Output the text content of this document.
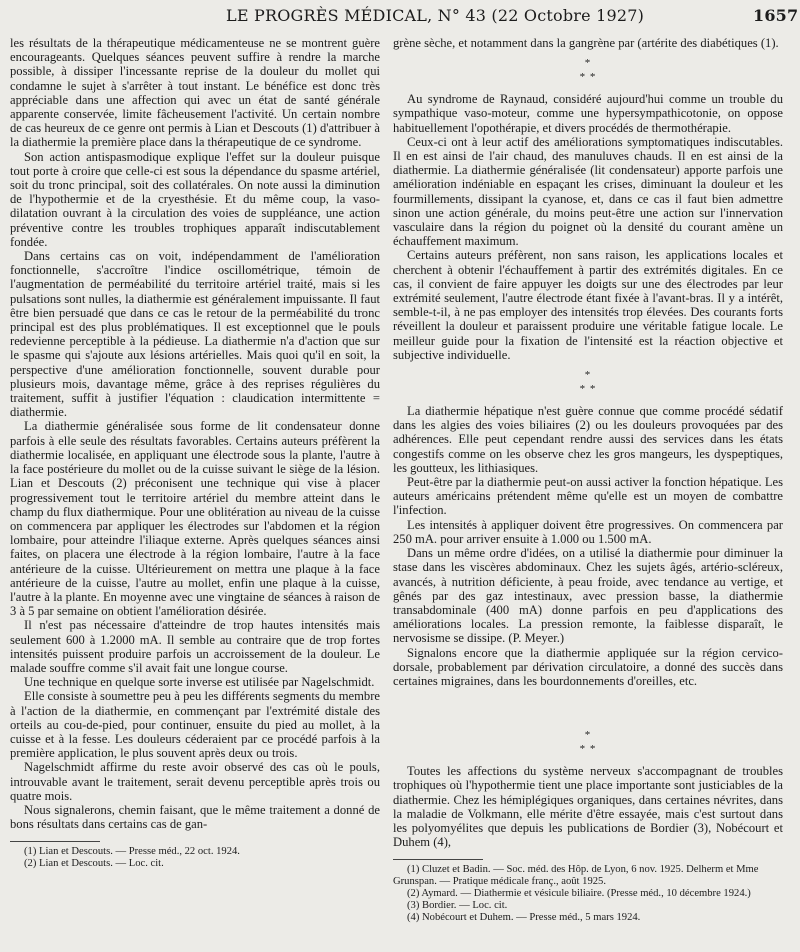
LE PROGRÈS MÉDICAL, N° 43 (22 Octobre 1927)	1657

les résultats de la thérapeutique médicamenteuse ne se montrent guère encourageants. Quelques séances peuvent suffire à rendre la marche possible, à dissiper l'incessante reprise de la douleur du mollet qui condamne le sujet à s'arrêter à tout instant. Le bénéfice est donc très appréciable dans une affection qui avec un état de santé générale apparente conservée, limite fâcheusement l'activité. Un certain nombre de cas heureux de ce genre ont permis à Lian et Descouts (1) d'attribuer à la diathermie la première place dans la thérapeutique de ce syndrome.

Son action antispasmodique explique l'effet sur la douleur puisque tout porte à croire que celle-ci est sous la dépendance du spasme artériel, soit du tronc principal, soit des collatérales. On note aussi la diminution de l'hypothermie et de la cryesthésie. Et du même coup, la vaso-dilatation ouvrant à la circulation des voies de suppléance, une action préventive contre les troubles trophiques apparaît indiscutablement fondée.

Dans certains cas on voit, indépendamment de l'amélioration fonctionnelle, s'accroître l'indice oscillométrique, témoin de l'augmentation de perméabilité du territoire artériel traité, mais si les pulsations sont nulles, la diathermie est généralement impuissante. Il faut être bien persuadé que dans ce cas le retour de la perméabilité du tronc principal est des plus problématiques. Il est exceptionnel que le pouls redevienne perceptible à la pédieuse. La diathermie n'a d'action que sur le spasme qui s'ajoute aux lésions artérielles. Mais quoi qu'il en soit, la perspective d'une amélioration fonctionnelle, souvent durable pour plusieurs mois, davantage même, grâce à des reprises régulières du traitement, suffit à justifier l'équation : claudication intermittente = diathermie.

La diathermie généralisée sous forme de lit condensateur donne parfois à elle seule des résultats favorables. Certains auteurs préfèrent la diathermie localisée, en appliquant une électrode sous la plante, l'autre à la face postérieure du mollet ou de la cuisse suivant le siège de la lésion. Lian et Descouts (2) préconisent une technique qui vise à placer progressivement tout le territoire artériel du membre atteint dans le champ du flux diathermique. Pour une oblitération au niveau de la cuisse on commencera par appliquer les électrodes sur l'abdomen et la région lombaire, pour atteindre l'iliaque externe. Après quelques séances ainsi faites, on placera une électrode à la région lombaire, l'autre à la face antérieure de la cuisse. Ultérieurement on mettra une plaque à la face antérieure de la cuisse, l'autre au mollet, enfin une plaque à la cuisse, l'autre à la plante. En moyenne avec une vingtaine de séances à raison de 3 à 5 par semaine on obtient l'amélioration désirée.

Il n'est pas nécessaire d'atteindre de trop hautes intensités mais seulement 600 à 1.2000 mA. Il semble au contraire que de trop fortes intensités puissent produire parfois un accroissement de la douleur. Le malade souffre comme s'il avait fait une longue course.

Une technique en quelque sorte inverse est utilisée par Nagelschmidt.

Elle consiste à soumettre peu à peu les différents segments du membre à l'action de la diathermie, en commençant par l'extrémité distale des orteils au cou-de-pied, pour continuer, ensuite du pied au mollet, à la cuisse et à la fesse. Les douleurs céderaient par ce procédé parfois à la première application, le plus souvent après deux ou trois.

Nagelschmidt affirme du reste avoir observé des cas où le pouls, introuvable avant le traitement, serait devenu perceptible après trois ou quatre mois.

Nous signalerons, chemin faisant, que le même traitement a donné de bons résultats dans certains cas de gan-

(1) Lian et Descouts. — Presse méd., 22 oct. 1924.

(2) Lian et Descouts. — Loc. cit.

grène sèche, et notamment dans la gangrène par (artérite des diabétiques (1).

*
* *

Au syndrome de Raynaud, considéré aujourd'hui comme un trouble du sympathique vaso-moteur, comme une hypersympathicotonie, on oppose habituellement l'opothérapie, et divers procédés de thermothérapie.

Ceux-ci ont à leur actif des améliorations symptomatiques indiscutables. Il en est ainsi de l'air chaud, des manuluves chauds. Il en est ainsi de la diathermie. La diathermie généralisée (lit condensateur) apporte parfois une amélioration indéniable en espaçant les crises, diminuant la douleur et les fourmillements, dissipant la cyanose, et, dans ce cas il faut bien admettre sinon une action générale, du moins peut-être une action sur l'innervation vasculaire dans la région du poignet où la densité du courant amène un échauffement maximum.

Certains auteurs préfèrent, non sans raison, les applications locales et cherchent à obtenir l'échauffement à partir des extrémités digitales. En ce cas, il convient de faire appuyer les doigts sur une des électrodes par leur extrémité seulement, l'autre électrode étant fixée à l'avant-bras. Il y a intérêt, semble-t-il, à ne pas employer des intensités trop élevées. Des courants forts réveillent la douleur et paraissent produire une véritable fatigue locale. Le meilleur guide pour la fixation de l'intensité est la réaction objective et subjective individuelle.

*
* *

La diathermie hépatique n'est guère connue que comme procédé sédatif dans les algies des voies biliaires (2) ou les douleurs provoquées par des adhérences. Elle peut cependant rendre aussi des services dans les états congestifs comme on les observe chez les gros mangeurs, les dyspeptiques, les goutteux, les lithiasiques.

Peut-être par la diathermie peut-on aussi activer la fonction hépatique. Les auteurs américains prétendent même qu'elle est un moyen de combattre l'infection.

Les intensités à appliquer doivent être progressives. On commencera par 250 mA. pour arriver ensuite à 1.000 ou 1.500 mA.

Dans un même ordre d'idées, on a utilisé la diathermie pour diminuer la stase dans les viscères abdominaux. Chez les sujets âgés, artério-scléreux, avancés, à nutrition déficiente, à peau froide, avec tendance au vertige, et gênés par des gaz intestinaux, avec pression basse, la diathermie transabdominale (400 mA) donne parfois en peu d'applications des améliorations locales. La pression remonte, la faiblesse disparaît, le nervosisme se dissipe. (P. Meyer.)

Signalons encore que la diathermie appliquée sur la région cervico-dorsale, probablement par dérivation circulatoire, a donné des succès dans certaines migraines, dans les bourdonnements d'oreilles, etc.

*
* *

Toutes les affections du système nerveux s'accompagnant de troubles trophiques où l'hypothermie tient une place importante sont justiciables de la diathermie. Chez les hémiplégiques organiques, dans certaines névrites, dans la maladie de Volkmann, elle mérite d'être essayée, mais c'est surtout dans les polyomyélites que depuis les publications de Bordier (3), Nobécourt et Duhem (4),

(1) Cluzet et Badin. — Soc. méd. des Hôp. de Lyon, 6 nov. 1925. Delherm et Mme Grunspan. — Pratique médicale franç., août 1925.

(2) Aymard. — Diathermie et vésicule biliaire. (Presse méd., 10 décembre 1924.)

(3) Bordier. — Loc. cit.

(4) Nobécourt et Duhem. — Presse méd., 5 mars 1924.
